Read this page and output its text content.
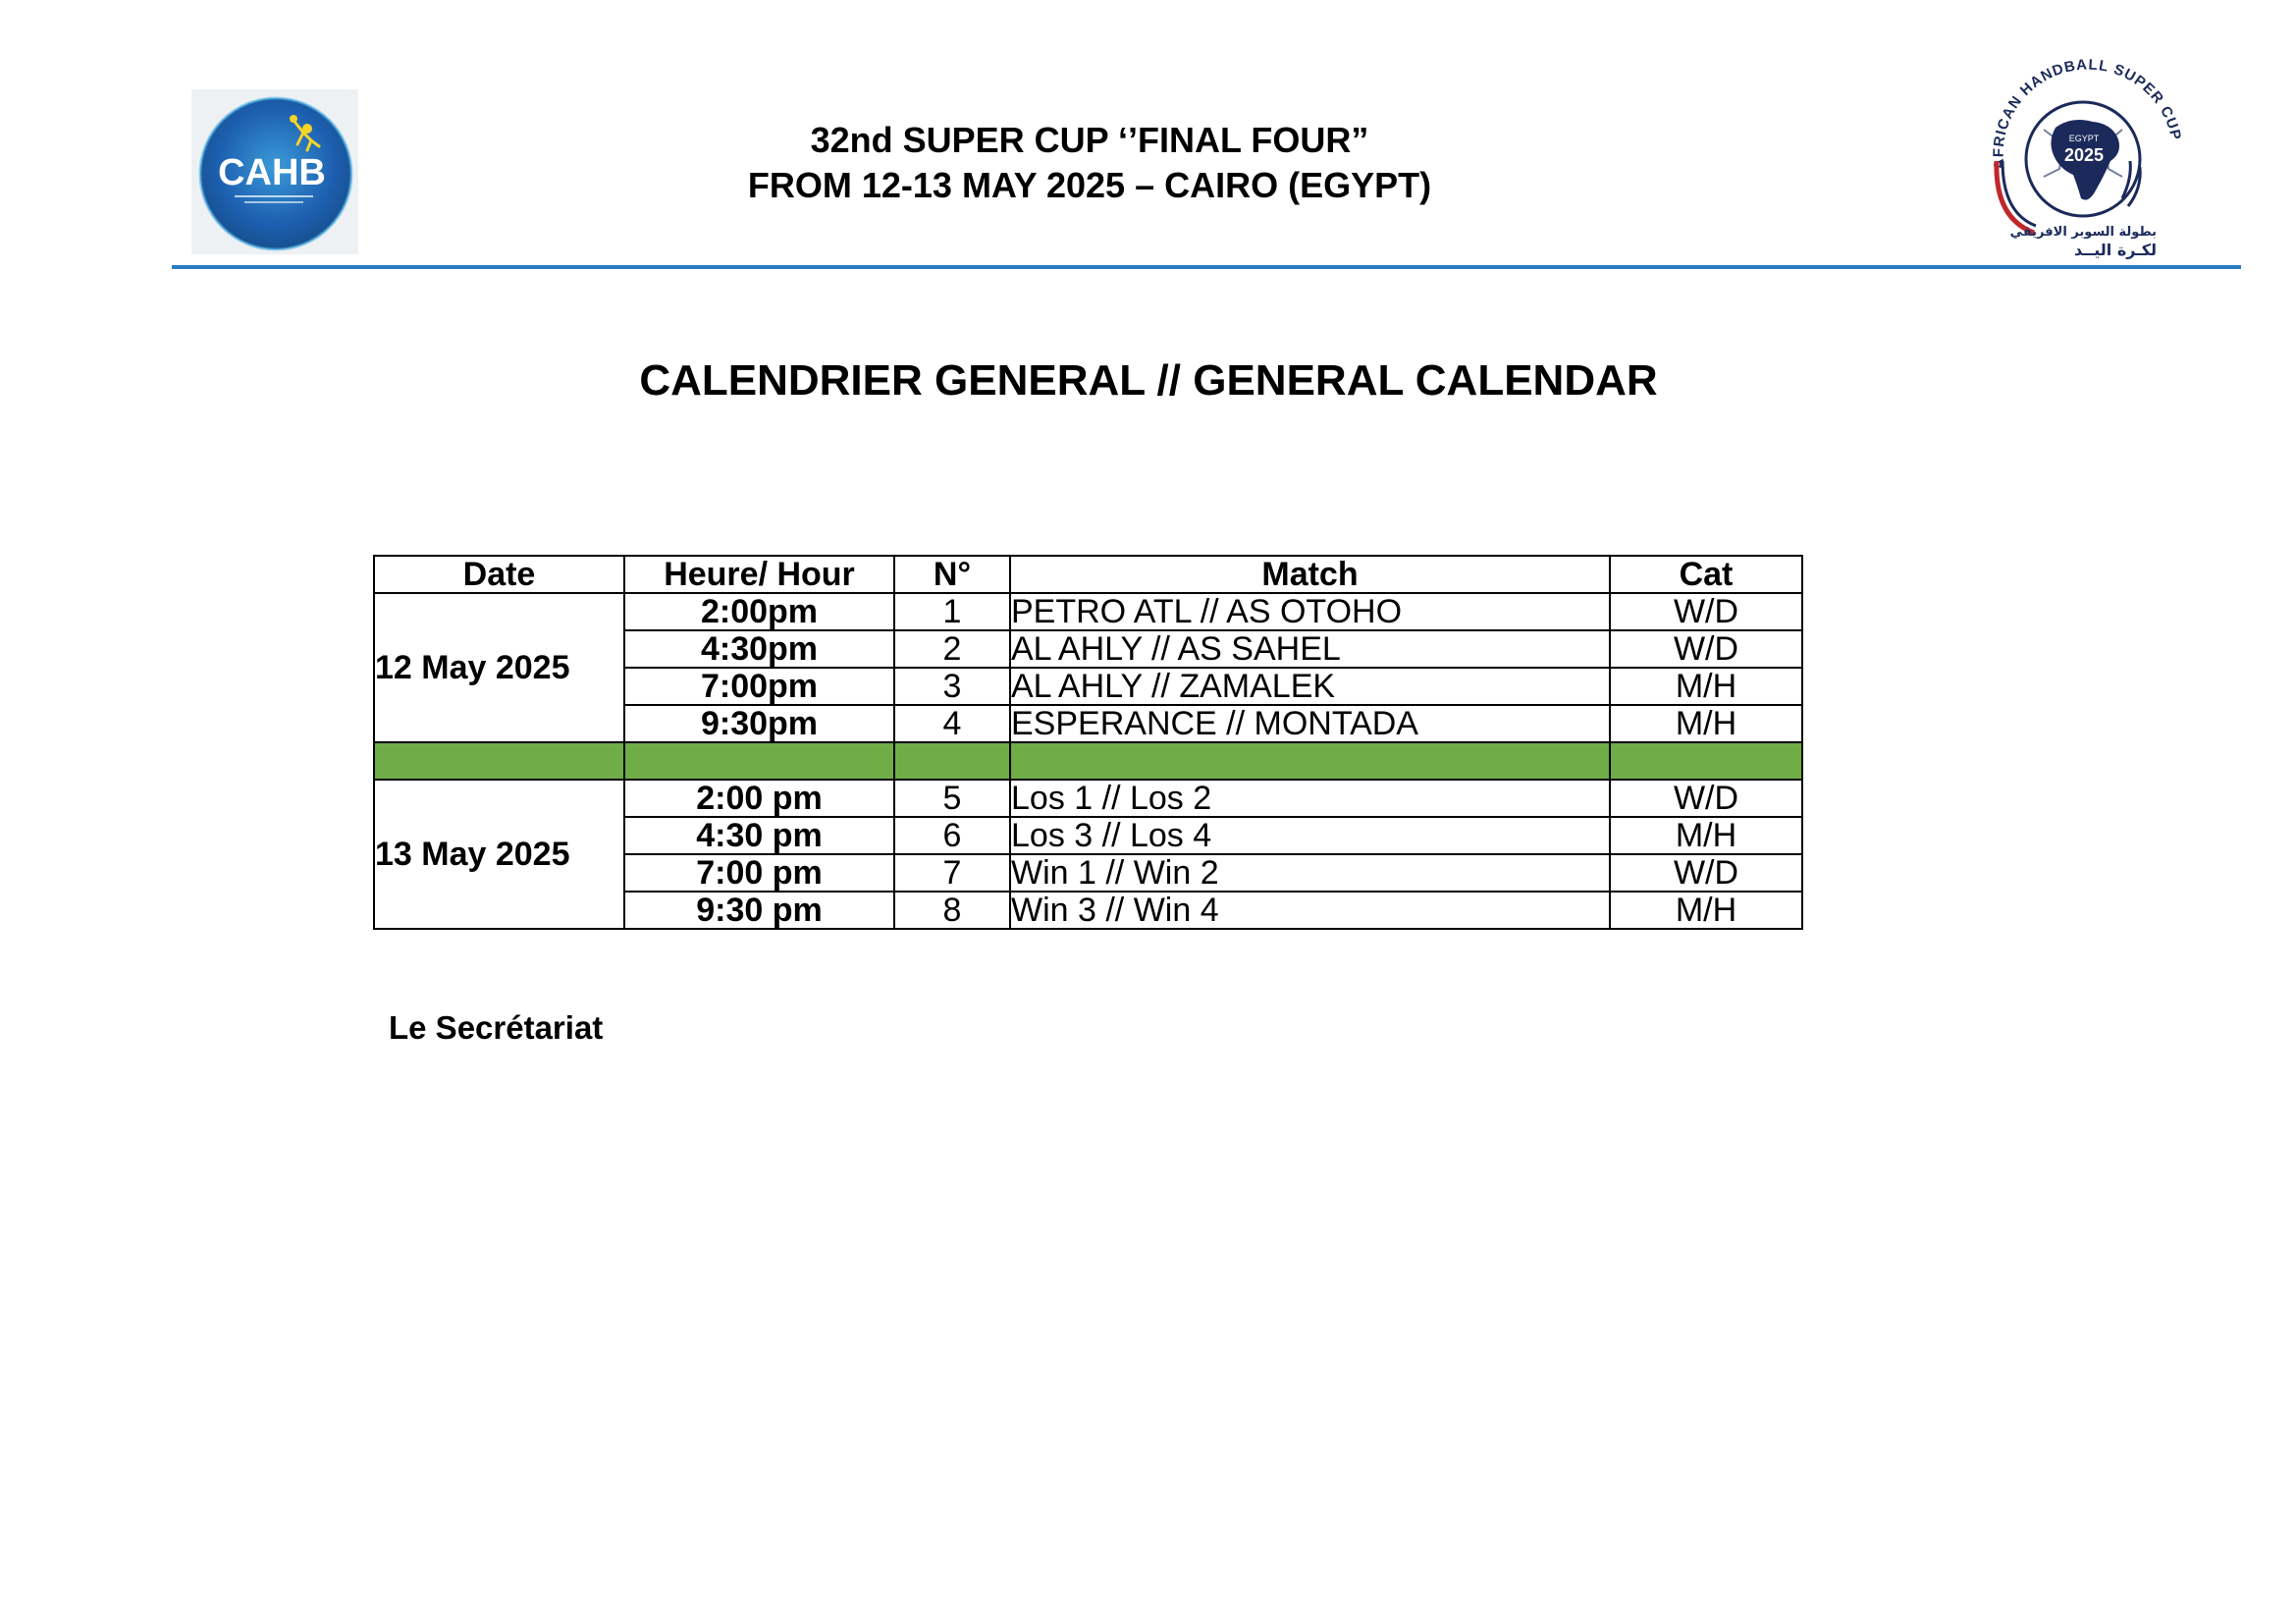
CAHB	AFRICAN HANDBALL SUPER CUP
EGYPT
2025
بطولة السوبر الافريقي
لكـرة اليــد
32nd SUPER CUP ‘’FINAL FOUR”
FROM 12-13 MAY 2025 – CAIRO (EGYPT)
CALENDRIER GENERAL // GENERAL CALENDAR
Date	Heure/ Hour	N°	Match	Cat
12 May 2025	2:00pm	1	PETRO ATL // AS OTOHO	W/D
	4:30pm	2	AL AHLY // AS SAHEL	W/D
	7:00pm	3	AL AHLY // ZAMALEK	M/H
	9:30pm	4	ESPERANCE // MONTADA	M/H

13 May 2025	2:00 pm	5	Los 1 // Los 2	W/D
	4:30 pm	6	Los 3 // Los 4	M/H
	7:00 pm	7	Win 1 // Win 2	W/D
	9:30 pm	8	Win 3 // Win 4	M/H
Le Secrétariat
